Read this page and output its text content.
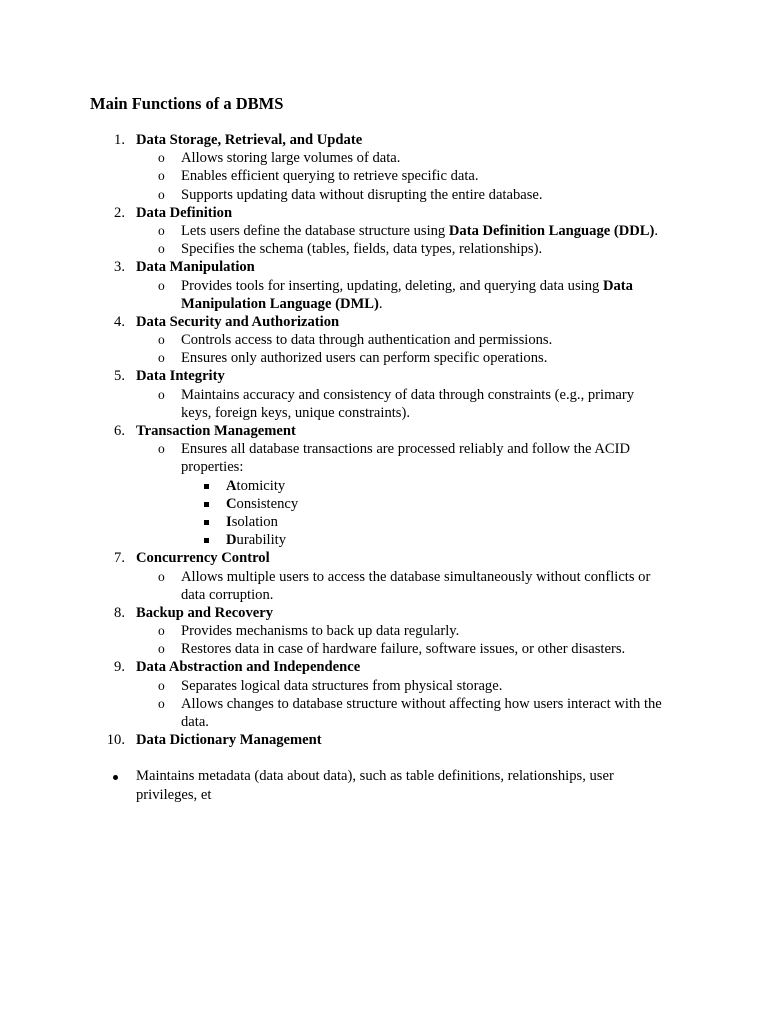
Main Functions of a DBMS
1. Data Storage, Retrieval, and Update
o Allows storing large volumes of data.
o Enables efficient querying to retrieve specific data.
o Supports updating data without disrupting the entire database.
2. Data Definition
o Lets users define the database structure using Data Definition Language (DDL).
o Specifies the schema (tables, fields, data types, relationships).
3. Data Manipulation
o Provides tools for inserting, updating, deleting, and querying data using Data
Manipulation Language (DML).
4. Data Security and Authorization
o Controls access to data through authentication and permissions.
o Ensures only authorized users can perform specific operations.
5. Data Integrity
o Maintains accuracy and consistency of data through constraints (e.g., primary
keys, foreign keys, unique constraints).
6. Transaction Management
o Ensures all database transactions are processed reliably and follow the ACID
properties:
Atomicity
Consistency
Isolation
Durability
7. Concurrency Control
o Allows multiple users to access the database simultaneously without conflicts or
data corruption.
8. Backup and Recovery
o Provides mechanisms to back up data regularly.
o Restores data in case of hardware failure, software issues, or other disasters.
9. Data Abstraction and Independence
o Separates logical data structures from physical storage.
o Allows changes to database structure without affecting how users interact with the
data.
10. Data Dictionary Management
Maintains metadata (data about data), such as table definitions, relationships, user
privileges, et
